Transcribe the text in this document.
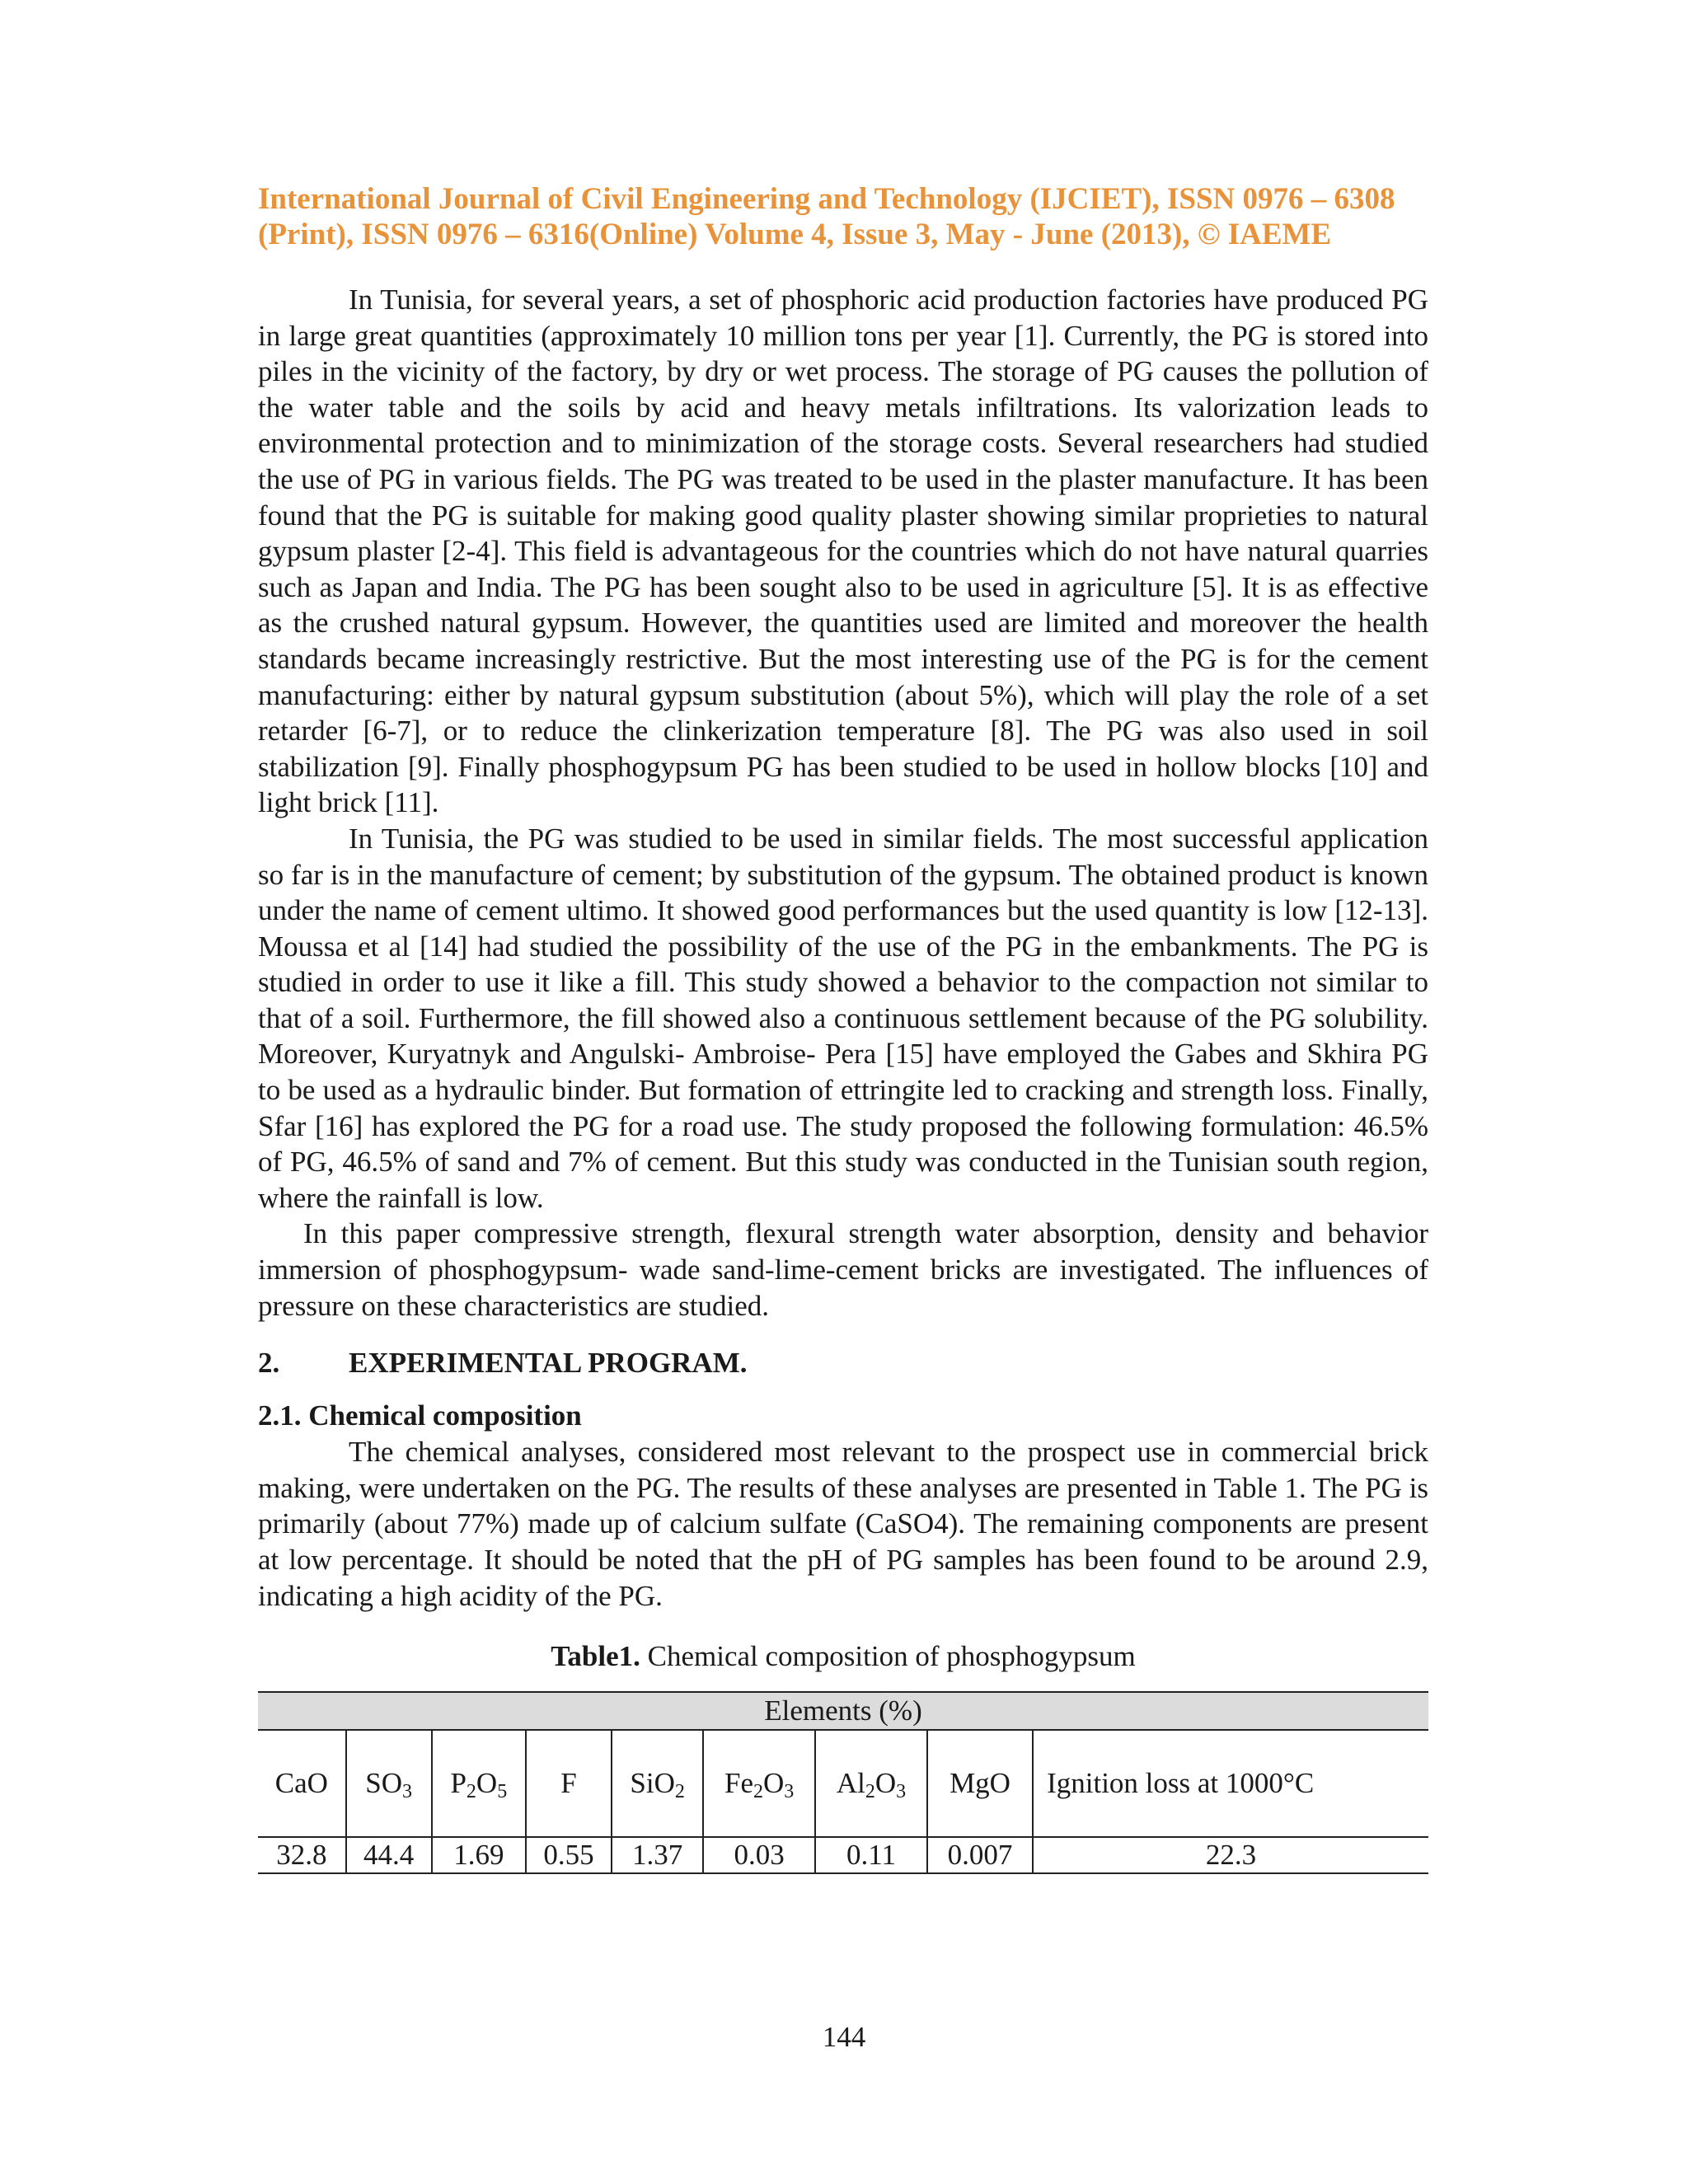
International Journal of Civil Engineering and Technology (IJCIET), ISSN 0976 – 6308
(Print), ISSN 0976 – 6316(Online) Volume 4, Issue 3, May - June (2013), © IAEME

In Tunisia, for several years, a set of phosphoric acid production factories have produced PG in large great quantities (approximately 10 million tons per year [1]. Currently, the PG is stored into piles in the vicinity of the factory, by dry or wet process. The storage of PG causes the pollution of the water table and the soils by acid and heavy metals infiltrations. Its valorization leads to environmental protection and to minimization of the storage costs. Several researchers had studied the use of PG in various fields. The PG was treated to be used in the plaster manufacture. It has been found that the PG is suitable for making good quality plaster showing similar proprieties to natural gypsum plaster [2-4]. This field is advantageous for the countries which do not have natural quarries such as Japan and India. The PG has been sought also to be used in agriculture [5]. It is as effective as the crushed natural gypsum. However, the quantities used are limited and moreover the health standards became increasingly restrictive. But the most interesting use of the PG is for the cement manufacturing: either by natural gypsum substitution (about 5%), which will play the role of a set retarder [6-7], or to reduce the clinkerization temperature [8]. The PG was also used in soil stabilization [9]. Finally phosphogypsum PG has been studied to be used in hollow blocks [10] and light brick [11].

In Tunisia, the PG was studied to be used in similar fields. The most successful application so far is in the manufacture of cement; by substitution of the gypsum. The obtained product is known under the name of cement ultimo. It showed good performances but the used quantity is low [12-13]. Moussa et al [14] had studied the possibility of the use of the PG in the embankments. The PG is studied in order to use it like a fill. This study showed a behavior to the compaction not similar to that of a soil. Furthermore, the fill showed also a continuous settlement because of the PG solubility. Moreover, Kuryatnyk and Angulski- Ambroise- Pera [15] have employed the Gabes and Skhira PG to be used as a hydraulic binder. But formation of ettringite led to cracking and strength loss. Finally, Sfar [16] has explored the PG for a road use. The study proposed the following formulation: 46.5% of PG, 46.5% of sand and 7% of cement. But this study was conducted in the Tunisian south region, where the rainfall is low.

In this paper compressive strength, flexural strength water absorption, density and behavior immersion of phosphogypsum- wade sand-lime-cement bricks are investigated. The influences of pressure on these characteristics are studied.

2.	EXPERIMENTAL PROGRAM.

2.1. Chemical composition

The chemical analyses, considered most relevant to the prospect use in commercial brick making, were undertaken on the PG. The results of these analyses are presented in Table 1. The PG is primarily (about 77%) made up of calcium sulfate (CaSO4). The remaining components are present at low percentage. It should be noted that the pH of PG samples has been found to be around 2.9, indicating a high acidity of the PG.

Table1. Chemical composition of phosphogypsum
Elements (%)								
CaO	$SO_3$	$P_2O_5$	F	SiO$_2$	$Fe_2O_3$	$Al_2O_3$	MgO	Ignition loss at 1000°C
32.8	44.4	1.69	0.55	1.37	0.03	0.11	0.007	22.3
144
